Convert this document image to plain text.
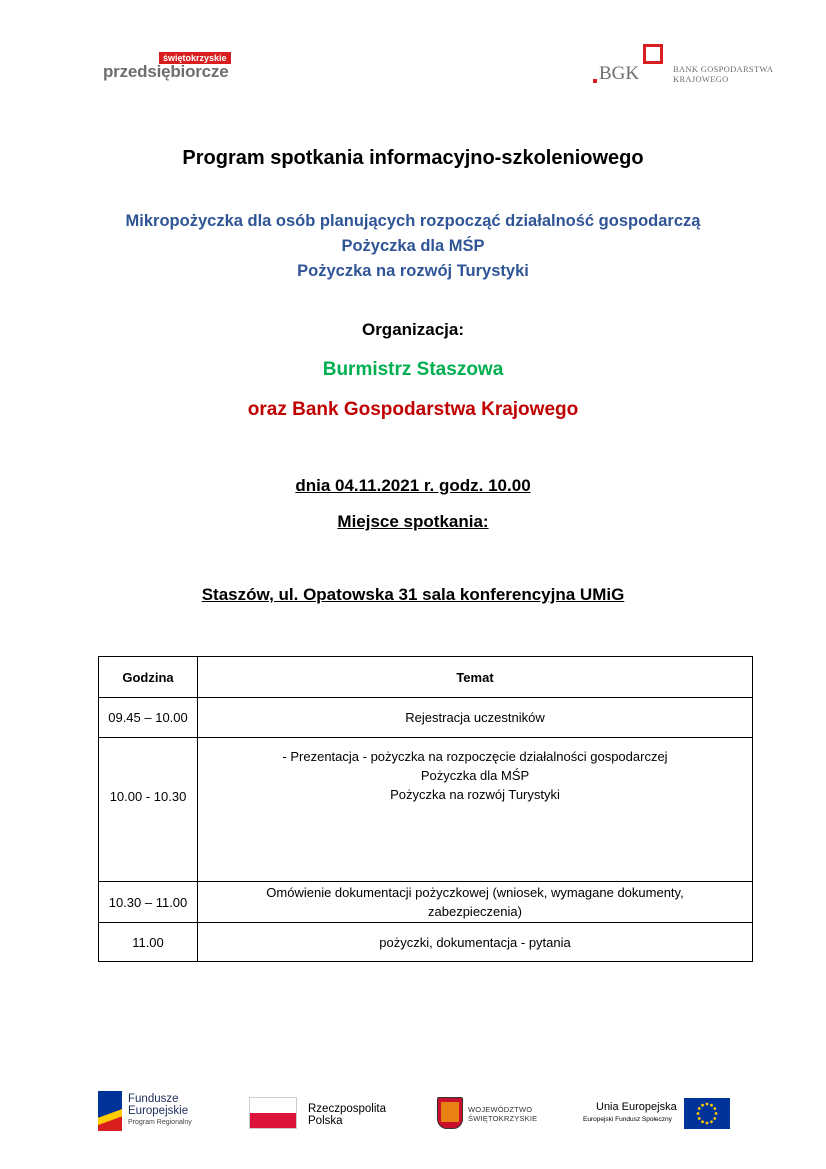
świętokrzyskie
przedsiębiorcze	BGK	BANK GOSPODARSTWA
KRAJOWEGO
Program spotkania informacyjno-szkoleniowego
Mikropożyczka dla osób planujących rozpocząć działalność gospodarczą
Pożyczka dla MŚP
Pożyczka na rozwój Turystyki
Organizacja:
Burmistrz Staszowa
oraz Bank Gospodarstwa Krajowego
dnia 04.11.2021 r. godz. 10.00
Miejsce spotkania:
Staszów, ul. Opatowska 31 sala konferencyjna UMiG
Godzina	Temat
09.45 – 10.00	Rejestracja uczestników
10.00 - 10.30	- Prezentacja - pożyczka na rozpoczęcie działalności gospodarczej
Pożyczka dla MŚP
Pożyczka na rozwój Turystyki

10.30 – 11.00	Omówienie dokumentacji pożyczkowej (wniosek, wymagane dokumenty,
zabezpieczenia)

11.00	pożyczki, dokumentacja - pytania
Fundusze
Europejskie
Program Regionalny
Rzeczpospolita
Polska
WOJEWÓDZTWO
ŚWIĘTOKRZYSKIE
Unia Europejska
Europejski Fundusz Społeczny
